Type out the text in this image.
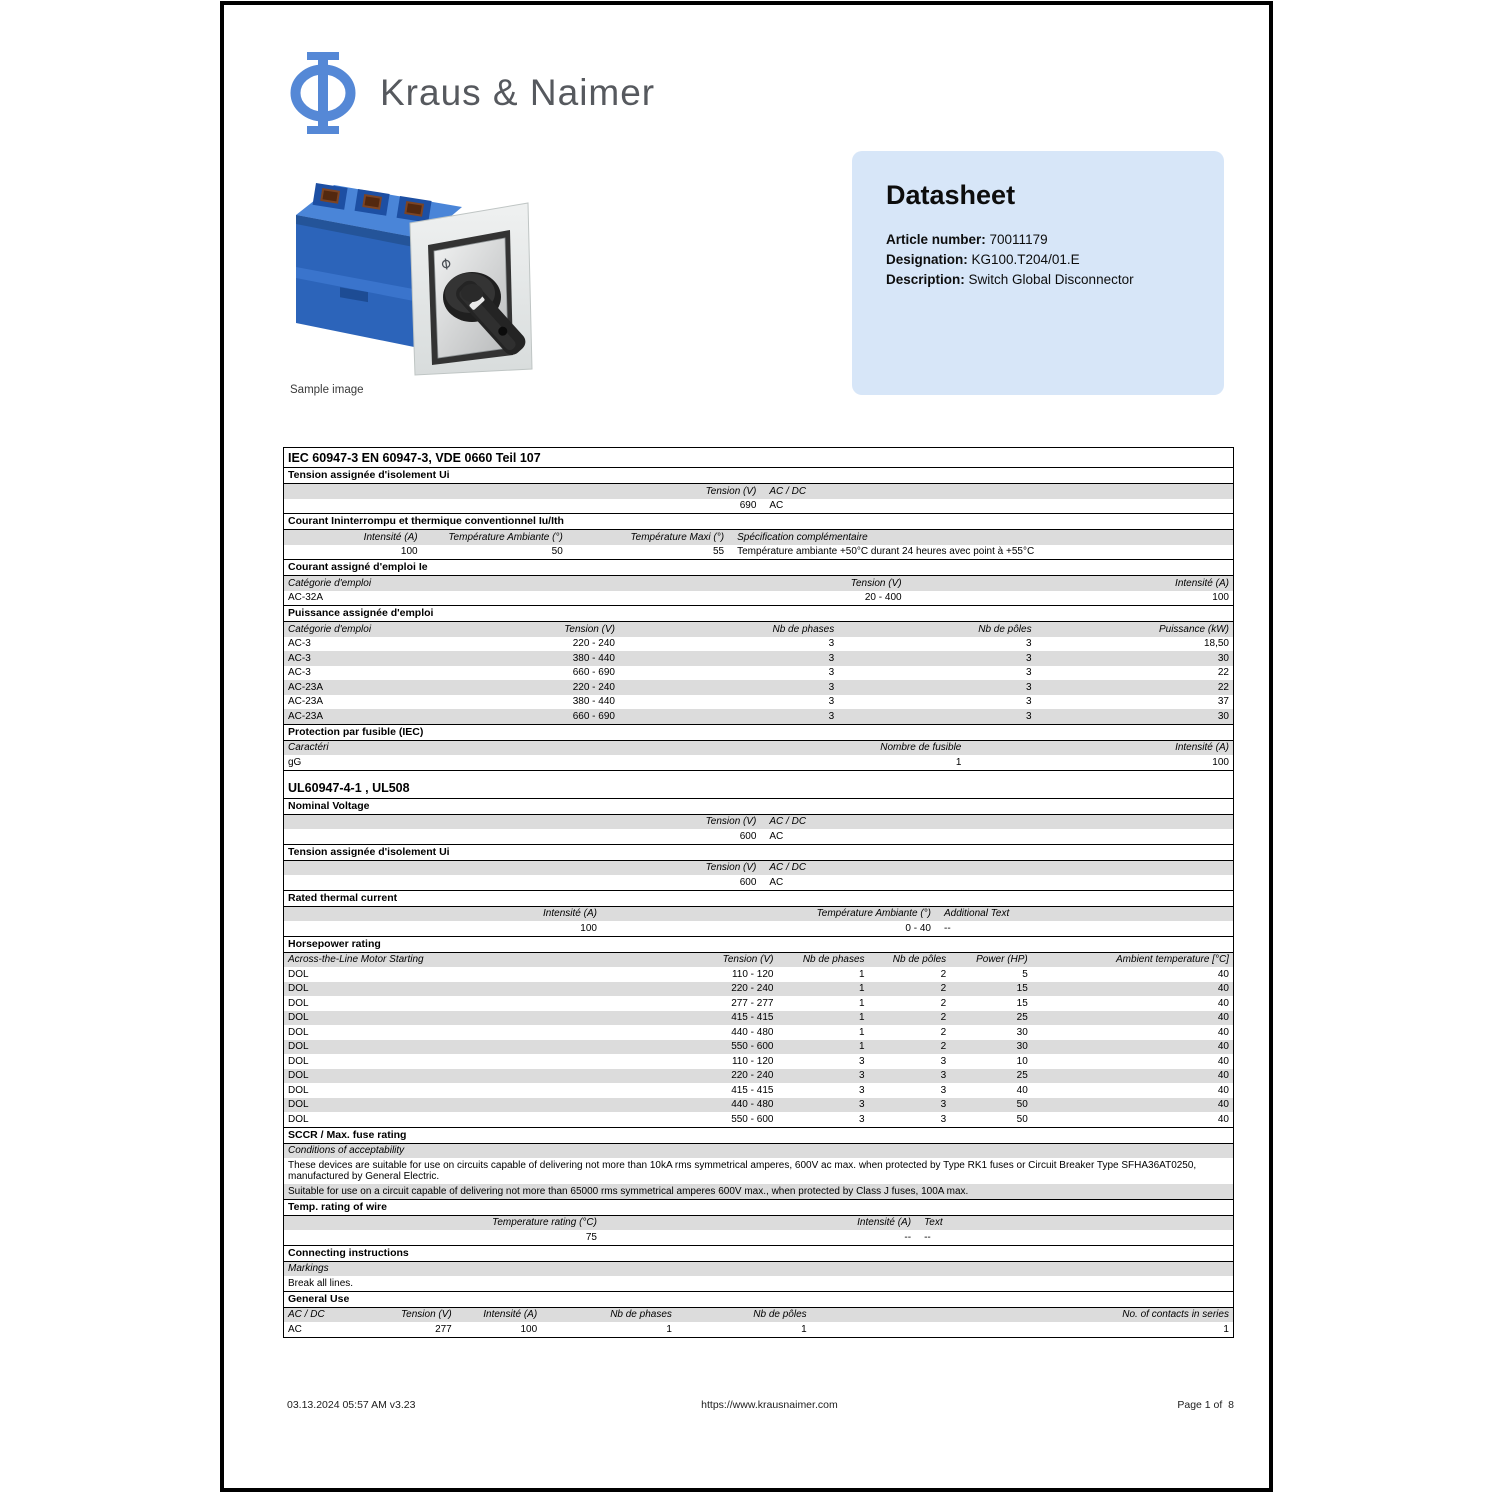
Kraus & Naimer
Sample image
Datasheet
Article number: 70011179
Designation: KG100.T204/01.E
Description: Switch Global Disconnector
IEC 60947-3 EN 60947-3, VDE 0660 Teil 107
Tension assignée d'isolement Ui
Tension (V)	AC / DC
690	AC
Courant Ininterrompu et thermique conventionnel Iu/Ith
Intensité (A)	Température Ambiante (°)	Température Maxi (°)	Spécification complémentaire
100	50	55	Température ambiante +50°C durant 24 heures avec point à +55°C
Courant assigné d'emploi Ie
Catégorie d'emploi	Tension (V)	Intensité (A)
AC-32A	20 - 400	100
Puissance assignée d'emploi
Catégorie d'emploi	Tension (V)	Nb de phases	Nb de pôles	Puissance (kW)
AC-3	220 - 240	3	3	18,50
AC-3	380 - 440	3	3	30
AC-3	660 - 690	3	3	22
AC-23A	220 - 240	3	3	22
AC-23A	380 - 440	3	3	37
AC-23A	660 - 690	3	3	30
Protection par fusible (IEC)
Caractéri	Nombre de fusible	Intensité (A)
gG	1	100
UL60947-4-1 , UL508
Nominal Voltage
Tension (V)	AC / DC
600	AC
Tension assignée d'isolement Ui
Tension (V)	AC / DC
600	AC
Rated thermal current
Intensité (A)	Température Ambiante (°)	Additional Text
100	0 - 40	--
Horsepower rating
Across-the-Line Motor Starting	Tension (V)	Nb de phases	Nb de pôles	Power (HP)	Ambient temperature [°C]
DOL	110 - 120	1	2	5	40
DOL	220 - 240	1	2	15	40
DOL	277 - 277	1	2	15	40
DOL	415 - 415	1	2	25	40
DOL	440 - 480	1	2	30	40
DOL	550 - 600	1	2	30	40
DOL	110 - 120	3	3	10	40
DOL	220 - 240	3	3	25	40
DOL	415 - 415	3	3	40	40
DOL	440 - 480	3	3	50	40
DOL	550 - 600	3	3	50	40
SCCR / Max. fuse rating
Conditions of acceptability
These devices are suitable for use on circuits capable of delivering not more than 10kA rms symmetrical amperes, 600V ac max. when protected by Type RK1 fuses or Circuit Breaker Type SFHA36AT0250, manufactured by General Electric.
Suitable for use on a circuit capable of delivering not more than 65000 rms symmetrical amperes 600V max., when protected by Class J fuses, 100A max.
Temp. rating of wire
Temperature rating (°C)	Intensité (A)	Text
75	--	--
Connecting instructions
Markings
Break all lines.
General Use
AC / DC	Tension (V)	Intensité (A)	Nb de phases	Nb de pôles	No. of contacts in series
AC	277	100	1	1	1
03.13.2024 05:57 AM v3.23	https://www.krausnaimer.com	Page 1 of  8
